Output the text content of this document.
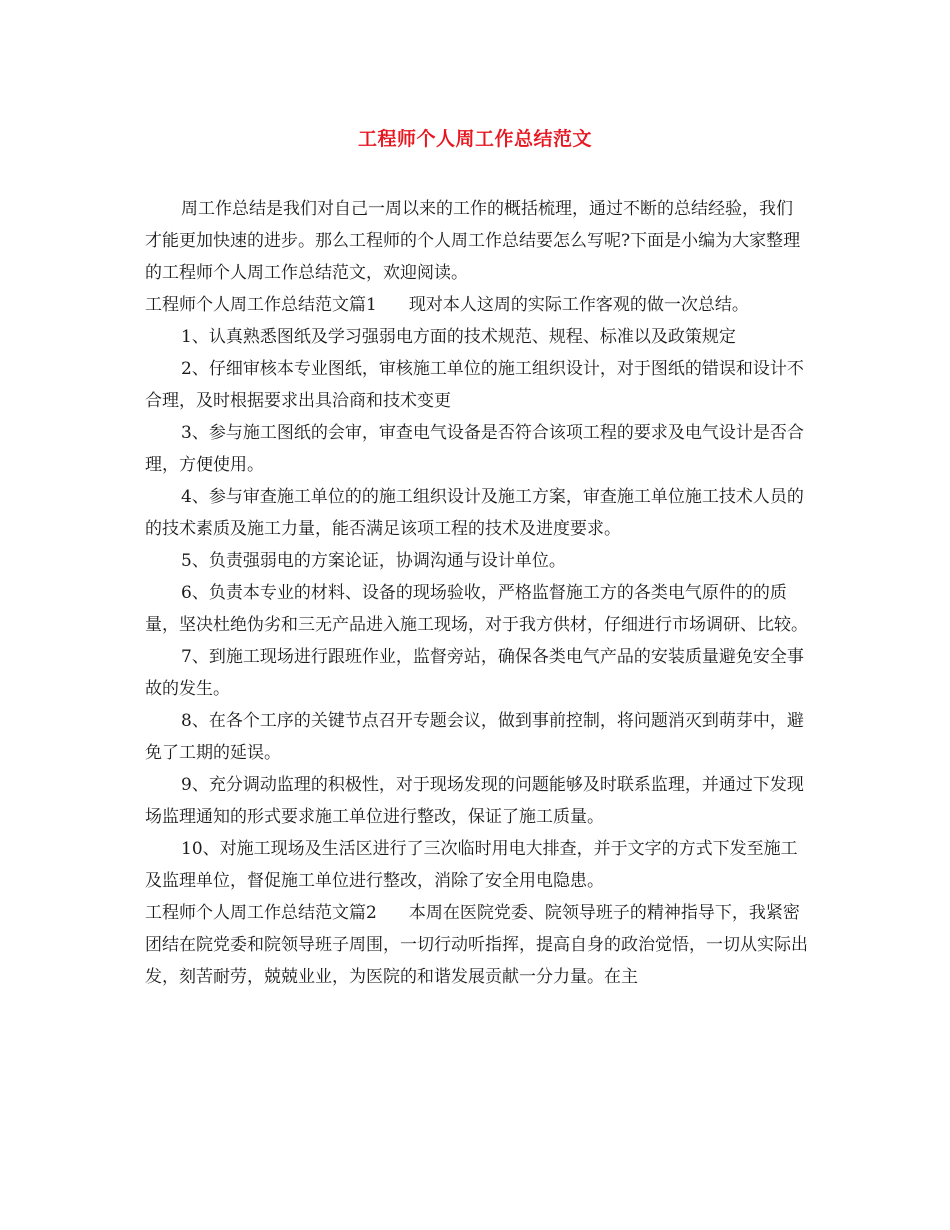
工程师个人周工作总结范文

周工作总结是我们对自己一周以来的工作的概括梳理，通过不断的总结经验，我们才能更加快速的进步。那么工程师的个人周工作总结要怎么写呢?下面是小编为大家整理的工程师个人周工作总结范文，欢迎阅读。

工程师个人周工作总结范文篇1 现对本人这周的实际工作客观的做一次总结。

1、认真熟悉图纸及学习强弱电方面的技术规范、规程、标准以及政策规定

2、仔细审核本专业图纸，审核施工单位的施工组织设计，对于图纸的错误和设计不合理，及时根据要求出具洽商和技术变更

3、参与施工图纸的会审，审查电气设备是否符合该项工程的要求及电气设计是否合理，方便使用。

4、参与审查施工单位的的施工组织设计及施工方案，审查施工单位施工技术人员的的技术素质及施工力量，能否满足该项工程的技术及进度要求。

5、负责强弱电的方案论证，协调沟通与设计单位。

6、负责本专业的材料、设备的现场验收，严格监督施工方的各类电气原件的的质量，坚决杜绝伪劣和三无产品进入施工现场，对于我方供材，仔细进行市场调研、比较。

7、到施工现场进行跟班作业，监督旁站，确保各类电气产品的安装质量避免安全事故的发生。

8、在各个工序的关键节点召开专题会议，做到事前控制，将问题消灭到萌芽中，避免了工期的延误。

9、充分调动监理的积极性，对于现场发现的问题能够及时联系监理，并通过下发现场监理通知的形式要求施工单位进行整改，保证了施工质量。

10、对施工现场及生活区进行了三次临时用电大排查，并于文字的方式下发至施工及监理单位，督促施工单位进行整改，消除了安全用电隐患。

工程师个人周工作总结范文篇2 本周在医院党委、院领导班子的精神指导下，我紧密团结在院党委和院领导班子周围，一切行动听指挥，提高自身的政治觉悟，一切从实际出发，刻苦耐劳，兢兢业业，为医院的和谐发展贡献一分力量。在主
